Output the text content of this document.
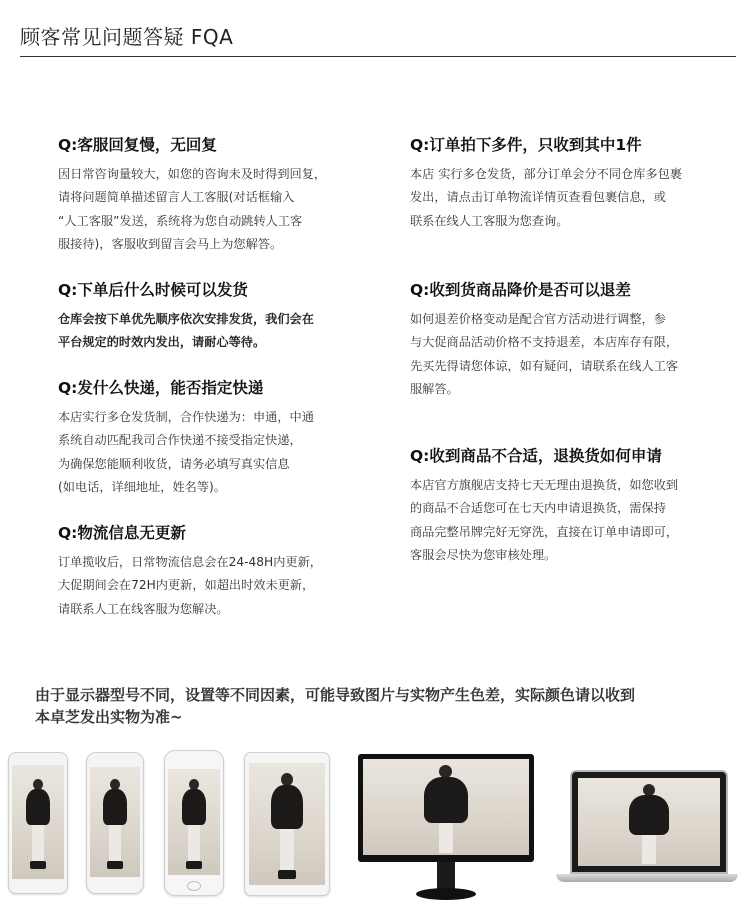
顾客常见问题答疑 FQA
Q:客服回复慢，无回复
因日常咨询量较大，如您的咨询未及时得到回复，
请将问题简单描述留言人工客服(对话框输入
“人工客服”发送，系统将为您自动跳转人工客
服接待)，客服收到留言会马上为您解答。
Q:下单后什么时候可以发货
仓库会按下单优先顺序依次安排发货，我们会在
平台规定的时效内发出，请耐心等待。
Q:发什么快递，能否指定快递
本店实行多仓发货制，合作快递为：申通，中通
系统自动匹配我司合作快递不接受指定快递，
为确保您能顺利收货，请务必填写真实信息
(如电话，详细地址，姓名等)。
Q:物流信息无更新
订单揽收后，日常物流信息会在24-48H内更新，
大促期间会在72H内更新，如超出时效未更新，
请联系人工在线客服为您解决。
Q:订单拍下多件，只收到其中1件
本店 实行多仓发货，部分订单会分不同仓库多包裹
发出，请点击订单物流详情页查看包裹信息，或
联系在线人工客服为您查询。
Q:收到货商品降价是否可以退差
如何退差价格变动是配合官方活动进行调整，参
与大促商品活动价格不支持退差，本店库存有限，
先买先得请您体谅，如有疑问，请联系在线人工客
服解答。
Q:收到商品不合适，退换货如何申请
本店官方旗舰店支持七天无理由退换货，如您收到
的商品不合适您可在七天内申请退换货，需保持
商品完整吊牌完好无穿洗，直接在订单申请即可，
客服会尽快为您审核处理。
由于显示器型号不同，设置等不同因素，可能导致图片与实物产生色差，实际颜色请以收到
本卓芝发出实物为准~
